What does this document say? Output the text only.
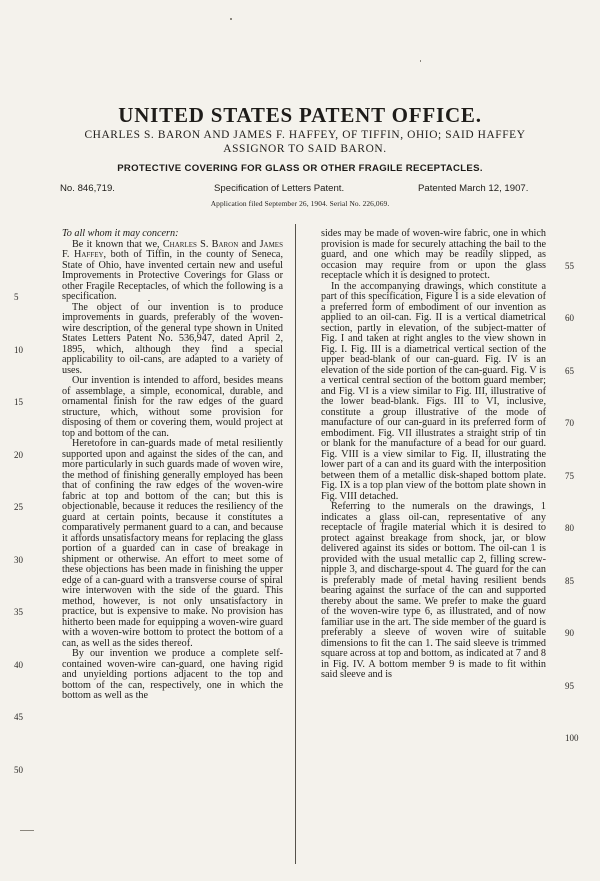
UNITED STATES PATENT OFFICE.
CHARLES S. BARON AND JAMES F. HAFFEY, OF TIFFIN, OHIO; SAID HAFFEY
ASSIGNOR TO SAID BARON.
PROTECTIVE COVERING FOR GLASS OR OTHER FRAGILE RECEPTACLES.
No. 846,719.	Specification of Letters Patent.	Patented March 12, 1907.
Application filed September 26, 1904. Serial No. 226,069.

To all whom it may concern:

Be it known that we, Charles S. Baron and James F. Haffey, both of Tiffin, in the county of Seneca, State of Ohio, have invented certain new and useful Improvements in Protective Coverings for Glass or other Fragile Receptacles, of which the following is a specification.

The object of our invention is to produce improvements in guards, preferably of the woven-wire description, of the general type shown in United States Letters Patent No. 536,947, dated April 2, 1895, which, although they find a special applicability to oil-cans, are adapted to a variety of uses.

Our invention is intended to afford, besides means of assemblage, a simple, economical, durable, and ornamental finish for the raw edges of the guard structure, which, without some provision for disposing of them or covering them, would project at top and bottom of the can.

Heretofore in can-guards made of metal resiliently supported upon and against the sides of the can, and more particularly in such guards made of woven wire, the method of finishing generally employed has been that of confining the raw edges of the woven-wire fabric at top and bottom of the can; but this is objectionable, because it reduces the resiliency of the guard at certain points, because it constitutes a comparatively permanent guard to a can, and because it affords unsatisfactory means for replacing the glass portion of a guarded can in case of breakage in shipment or otherwise. An effort to meet some of these objections has been made in finishing the upper edge of a can-guard with a transverse course of spiral wire interwoven with the side of the guard. This method, however, is not only unsatisfactory in practice, but is expensive to make. No provision has hitherto been made for equipping a woven-wire guard with a woven-wire bottom to protect the bottom of a can, as well as the sides thereof.

By our invention we produce a complete self-contained woven-wire can-guard, one having rigid and unyielding portions adjacent to the top and bottom of the can, respectively, one in which the bottom as well as the

sides may be made of woven-wire fabric, one in which provision is made for securely attaching the bail to the guard, and one which may be readily slipped, as occasion may require from or upon the glass receptacle which it is designed to protect.

In the accompanying drawings, which constitute a part of this specification, Figure I is a side elevation of a preferred form of embodiment of our invention as applied to an oil-can. Fig. II is a vertical diametrical section, partly in elevation, of the subject-matter of Fig. I and taken at right angles to the view shown in Fig. I. Fig. III is a diametrical vertical section of the upper bead-blank of our can-guard. Fig. IV is an elevation of the side portion of the can-guard. Fig. V is a vertical central section of the bottom guard member; and Fig. VI is a view similar to Fig. III, illustrative of the lower bead-blank. Figs. III to VI, inclusive, constitute a group illustrative of the mode of manufacture of our can-guard in its preferred form of embodiment. Fig. VII illustrates a straight strip of tin or blank for the manufacture of a bead for our guard. Fig. VIII is a view similar to Fig. II, illustrating the lower part of a can and its guard with the interposition between them of a metallic disk-shaped bottom plate. Fig. IX is a top plan view of the bottom plate shown in Fig. VIII detached.

Referring to the numerals on the drawings, 1 indicates a glass oil-can, representative of any receptacle of fragile material which it is desired to protect against breakage from shock, jar, or blow delivered against its sides or bottom. The oil-can 1 is provided with the usual metallic cap 2, filling screw-nipple 3, and discharge-spout 4. The guard for the can is preferably made of metal having resilient bends bearing against the surface of the can and supported thereby about the same. We prefer to make the guard of the woven-wire type 6, as illustrated, and of now familiar use in the art. The side member of the guard is preferably a sleeve of woven wire of suitable dimensions to fit the can 1. The said sleeve is trimmed square across at top and bottom, as indicated at 7 and 8 in Fig. IV. A bottom member 9 is made to fit within said sleeve and is

5
10
15
20
25
30
35
40
45
50
55
60
65
70
75
80
85
90
95
100
